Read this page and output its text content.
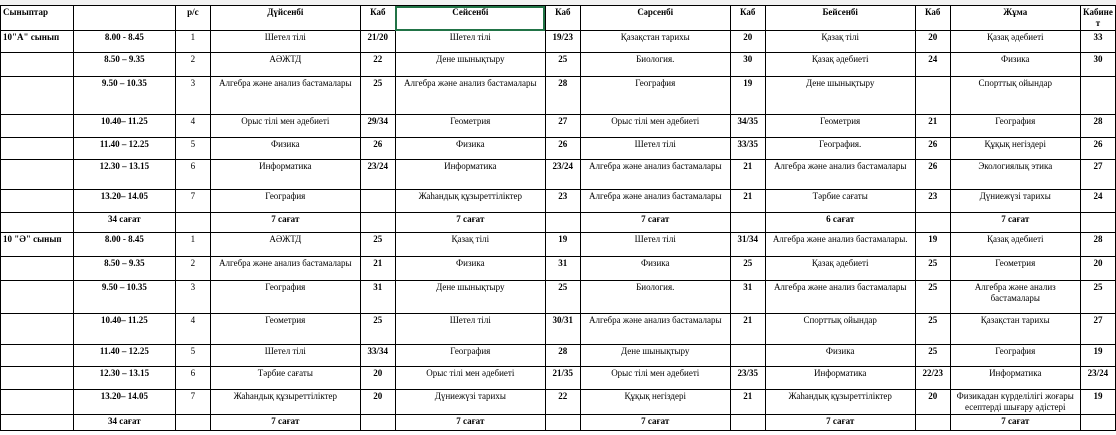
Сыныптар		р/с	Дүйсенбі	Каб	Сейсенбі	Каб	Сәрсенбі	Каб	Бейсенбі	Каб	Жұма	Кабине т
10"А" сынып	8.00 - 8.45	1	Шетел тілі	21/20	Шетел тілі	19/23	Қазақстан тарихы	20	Қазақ тілі	20	Қазақ әдебиеті	33
	8.50 – 9.35	2	АӘЖТД	22	Дене шынықтыру	25	Биология.	30	Қазақ әдебиеті	24	Физика	30
	9.50 – 10.35	3	Алгебра және анализ бастамалары	25	Алгебра және анализ бастамалары	28	География	19	Дене шынықтыру		Спорттық ойындар	
	10.40– 11.25	4	Орыс тілі мен әдебиеті	29/34	Геометрия	27	Орыс тілі мен әдебиеті	34/35	Геометрия	21	География	28
	11.40 – 12.25	5	Физика	26	Физика	26	Шетел тілі	33/35	География.	26	Құқық негіздері	26
	12.30 – 13.15	6	Информатика	23/24	Информатика	23/24	Алгебра және анализ бастамалары	21	Алгебра және анализ бастамалары	26	Экологиялық этика	27
	13.20– 14.05	7	География		Жаһандық құзыреттіліктер	23	Алгебра және анализ бастамалары	21	Тәрбие сағаты	23	Дүниежүзі тарихы	24
	34 сағат		7 сағат		7 сағат		7 сағат		6 сағат		7 сағат	
10 "Ә" сынып	8.00 - 8.45	1	АӘЖТД	25	Қазақ тілі	19	Шетел тілі	31/34	Алгебра және анализ бастамалары.	19	Қазақ әдебиеті	28
	8.50 – 9.35	2	Алгебра және анализ бастамалары	21	Физика	31	Физика	25	Қазақ әдебиеті	25	Геометрия	20
	9.50 – 10.35	3	География	31	Дене шынықтыру	25	Биология.	31	Алгебра және анализ бастамалары	25	Алгебра және анализ бастамалары	25
	10.40– 11.25	4	Геометрия	25	Шетел тілі	30/31	Алгебра және анализ бастамалары	21	Спорттық ойындар	25	Қазақстан тарихы	27
	11.40 – 12.25	5	Шетел тілі	33/34	География	28	Дене шынықтыру		Физика	25	География	19
	12.30 – 13.15	6	Тәрбие сағаты	20	Орыс тілі мен әдебиеті	21/35	Орыс тілі мен әдебиеті	23/35	Информатика	22/23	Информатика	23/24
	13.20– 14.05	7	Жаһандық құзыреттіліктер	20	Дүниежүзі тарихы	22	Құқық негіздері	21	Жаһандық құзыреттіліктер	20	Физикадан күрделілігі жоғары есептерді шығару әдістері	19
	34 сағат		7 сағат		7 сағат		7 сағат		7 сағат		7 сағат	
